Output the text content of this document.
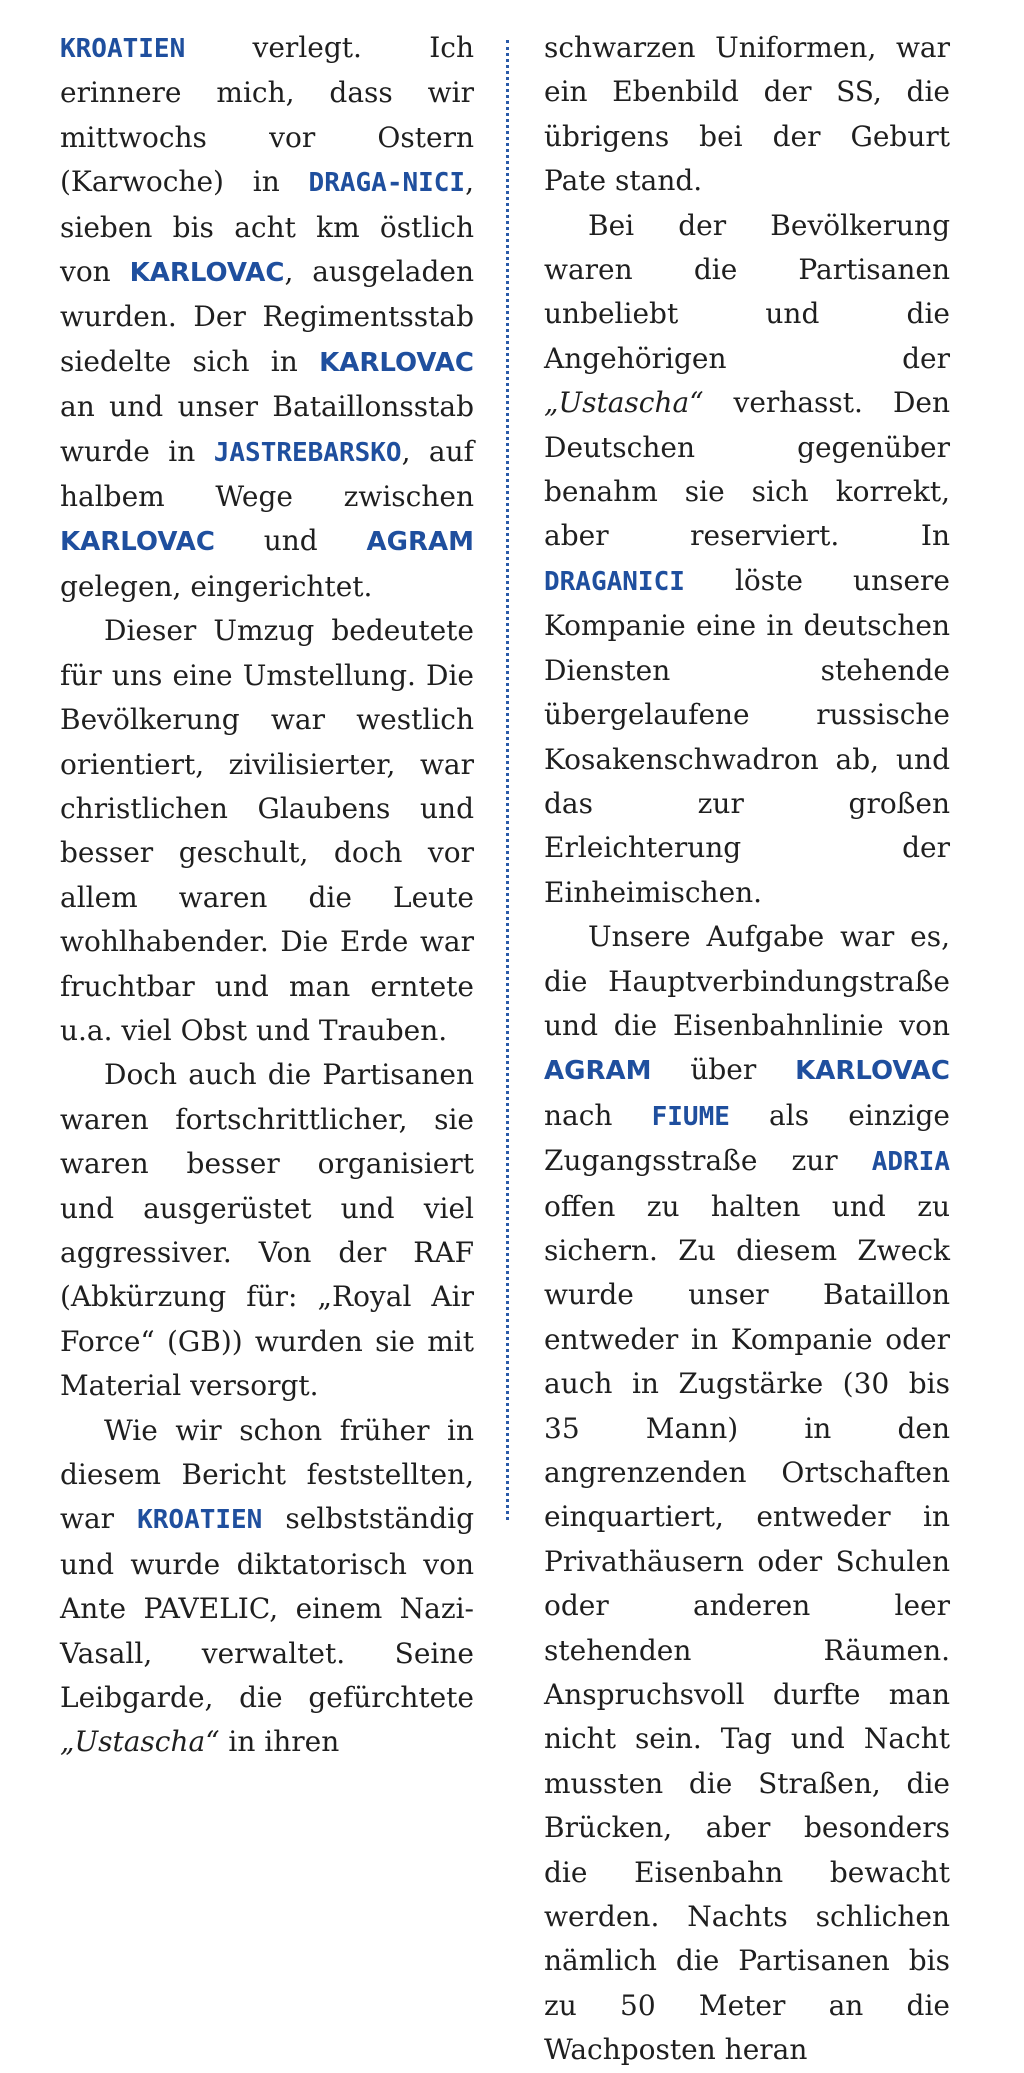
KROATIEN verlegt. Ich erinnere mich, dass wir mittwochs vor Ostern (Karwoche) in DRAGA-NICI, sieben bis acht km östlich von KARLOVAC, ausgeladen wurden. Der Regimentsstab siedelte sich in KARLOVAC an und unser Bataillonsstab wurde in JASTREBARSKO, auf halbem Wege zwischen KARLOVAC und AGRAM gelegen, eingerichtet.

Dieser Umzug bedeutete für uns eine Umstellung. Die Bevölkerung war westlich orientiert, zivilisierter, war christlichen Glaubens und besser geschult, doch vor allem waren die Leute wohlhabender. Die Erde war fruchtbar und man erntete u.a. viel Obst und Trauben.

Doch auch die Partisanen waren fortschrittlicher, sie waren besser organisiert und ausgerüstet und viel aggressiver. Von der RAF (Abkürzung für: „Royal Air Force“ (GB)) wurden sie mit Material versorgt.

Wie wir schon früher in diesem Bericht feststellten, war KROATIEN selbstständig und wurde diktatorisch von Ante PAVELIC, einem Nazi-Vasall, verwaltet. Seine Leibgarde, die gefürchtete „Ustascha“ in ihren

schwarzen Uniformen, war ein Ebenbild der SS, die übrigens bei der Geburt Pate stand.

Bei der Bevölkerung waren die Partisanen unbeliebt und die Angehörigen der „Ustascha“ verhasst. Den Deutschen gegenüber benahm sie sich korrekt, aber reserviert. In DRAGANICI löste unsere Kompanie eine in deutschen Diensten stehende übergelaufene russische Kosakenschwadron ab, und das zur großen Erleichterung der Einheimischen.

Unsere Aufgabe war es, die Hauptverbindungstraße und die Eisenbahnlinie von AGRAM über KARLOVAC nach FIUME als einzige Zugangsstraße zur ADRIA offen zu halten und zu sichern. Zu diesem Zweck wurde unser Bataillon entweder in Kompanie oder auch in Zugstärke (30 bis 35 Mann) in den angrenzenden Ortschaften einquartiert, entweder in Privathäusern oder Schulen oder anderen leer stehenden Räumen. Anspruchsvoll durfte man nicht sein. Tag und Nacht mussten die Straßen, die Brücken, aber besonders die Eisenbahn bewacht werden. Nachts schlichen nämlich die Partisanen bis zu 50 Meter an die Wachposten heran
